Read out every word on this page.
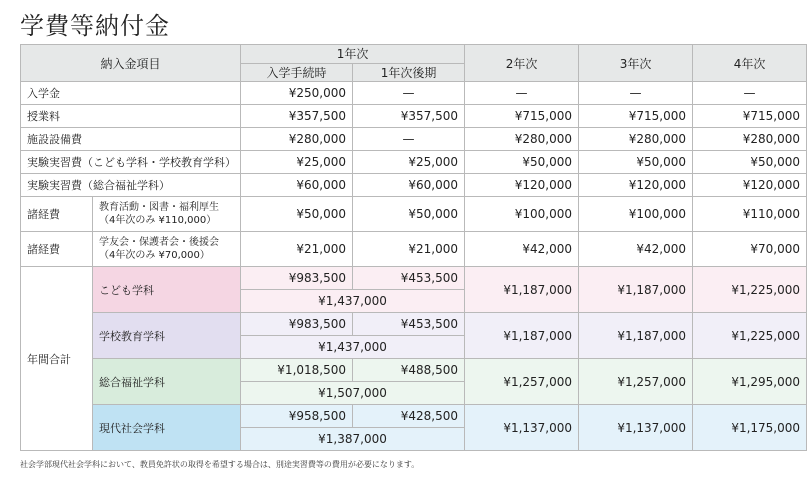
学費等納付金
納入金項目		1年次		2年次	3年次	4年次
		入学手続時	1年次後期			
入学金		¥250,000	—	—	—	—
授業料		¥357,500	¥357,500	¥715,000	¥715,000	¥715,000
施設設備費		¥280,000	—	¥280,000	¥280,000	¥280,000
実験実習費（こども学科・学校教育学科）		¥25,000	¥25,000	¥50,000	¥50,000	¥50,000
実験実習費（総合福祉学科）		¥60,000	¥60,000	¥120,000	¥120,000	¥120,000
諸経費	教育活動・図書・福利厚生
（4年次のみ ¥110,000）	¥50,000	¥50,000	¥100,000	¥100,000	¥110,000
諸経費	学友会・保護者会・後援会
（4年次のみ ¥70,000）	¥21,000	¥21,000	¥42,000	¥42,000	¥70,000
年間合計	こども学科	¥983,500	¥453,500	¥1,187,000	¥1,187,000	¥1,225,000
		¥1,437,000				
	学校教育学科	¥983,500	¥453,500	¥1,187,000	¥1,187,000	¥1,225,000
		¥1,437,000				
	総合福祉学科	¥1,018,500	¥488,500	¥1,257,000	¥1,257,000	¥1,295,000
		¥1,507,000				
	現代社会学科	¥958,500	¥428,500	¥1,137,000	¥1,137,000	¥1,175,000
		¥1,387,000				
社会学部現代社会学科において、教員免許状の取得を希望する場合は、別途実習費等の費用が必要になります。
